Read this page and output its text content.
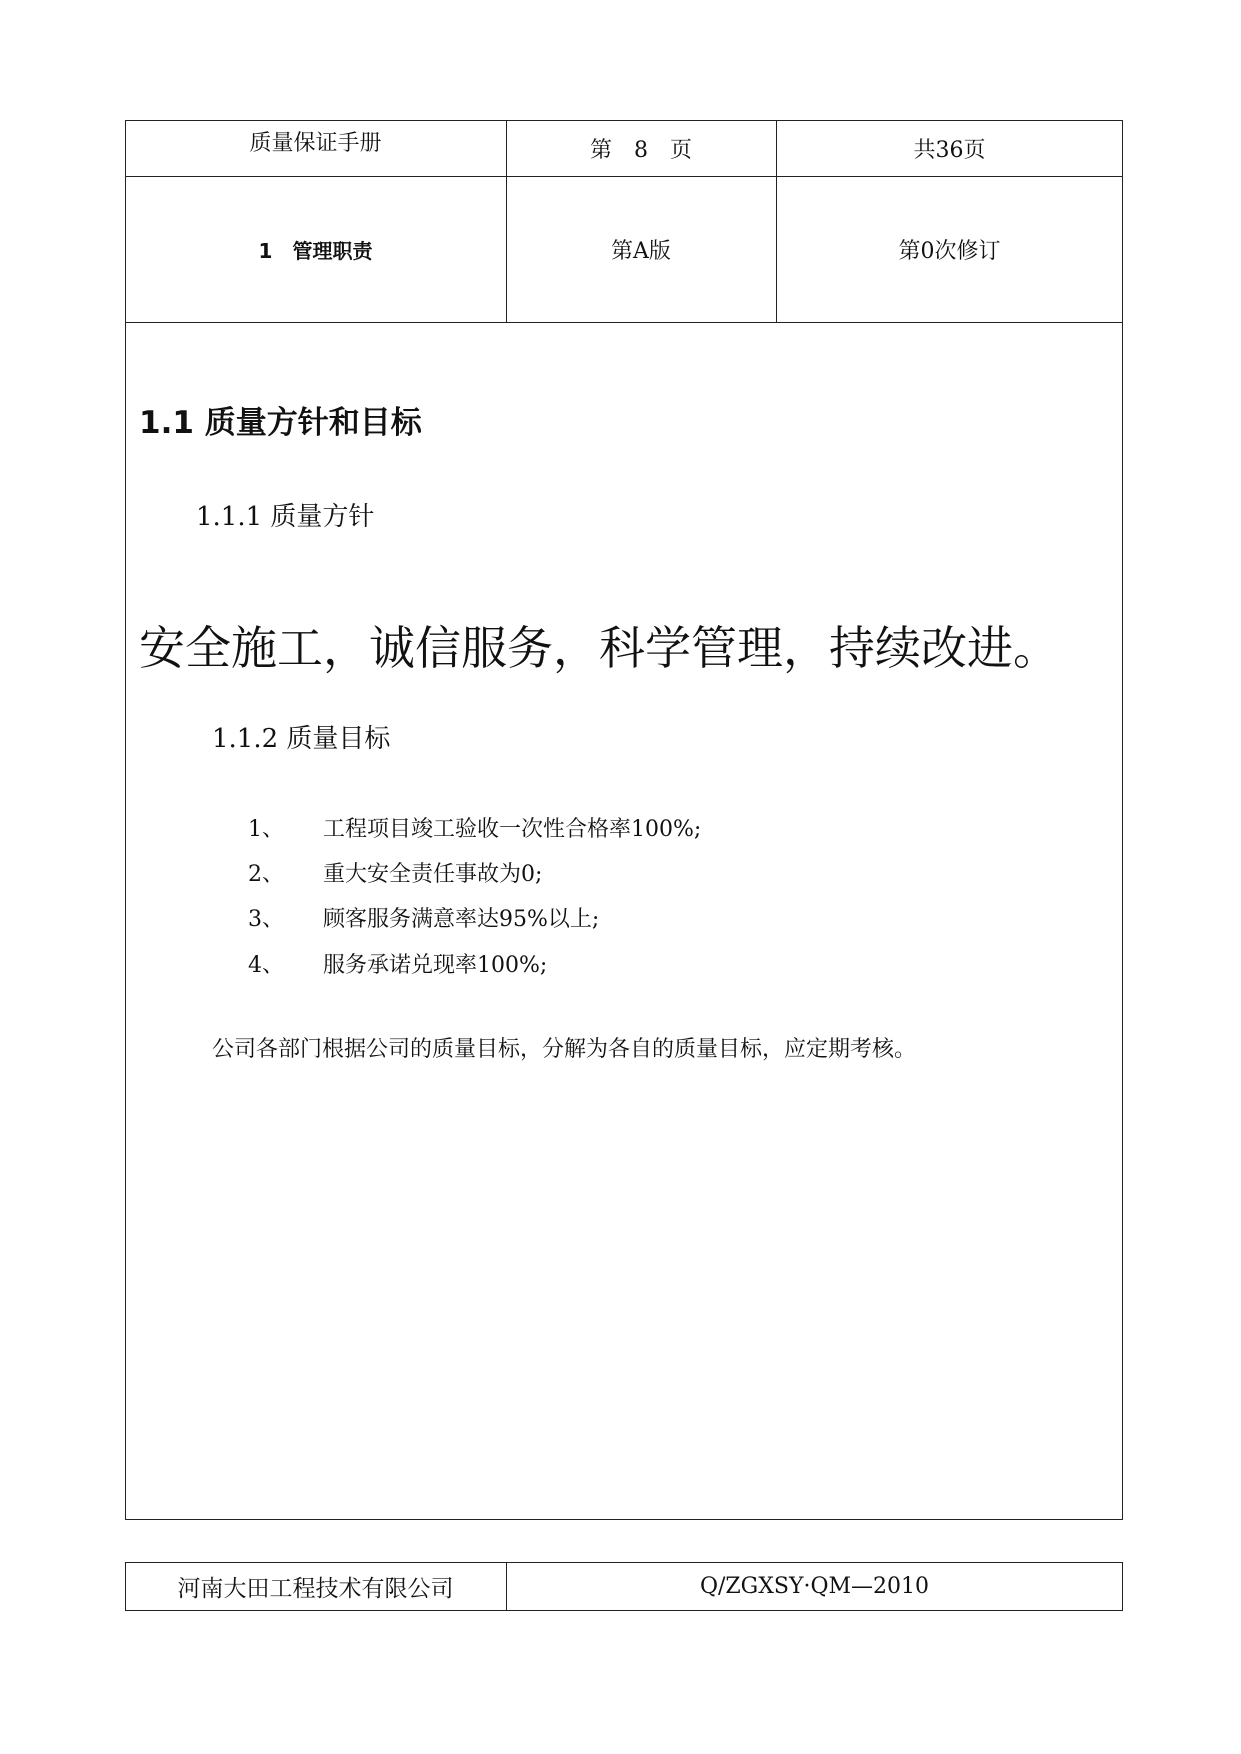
质量保证手册	第　8　页	共36页
1　管理职责	第A版	第0次修订
1.1 质量方针和目标
1.1.1 质量方针
安全施工，诚信服务，科学管理，持续改进。
1.1.2 质量目标
1、 工程项目竣工验收一次性合格率100%;
2、 重大安全责任事故为0;
3、 顾客服务满意率达95%以上;
4、 服务承诺兑现率100%;
公司各部门根据公司的质量目标，分解为各自的质量目标，应定期考核。
河南大田工程技术有限公司	Q/ZGXSY·QM—2010
